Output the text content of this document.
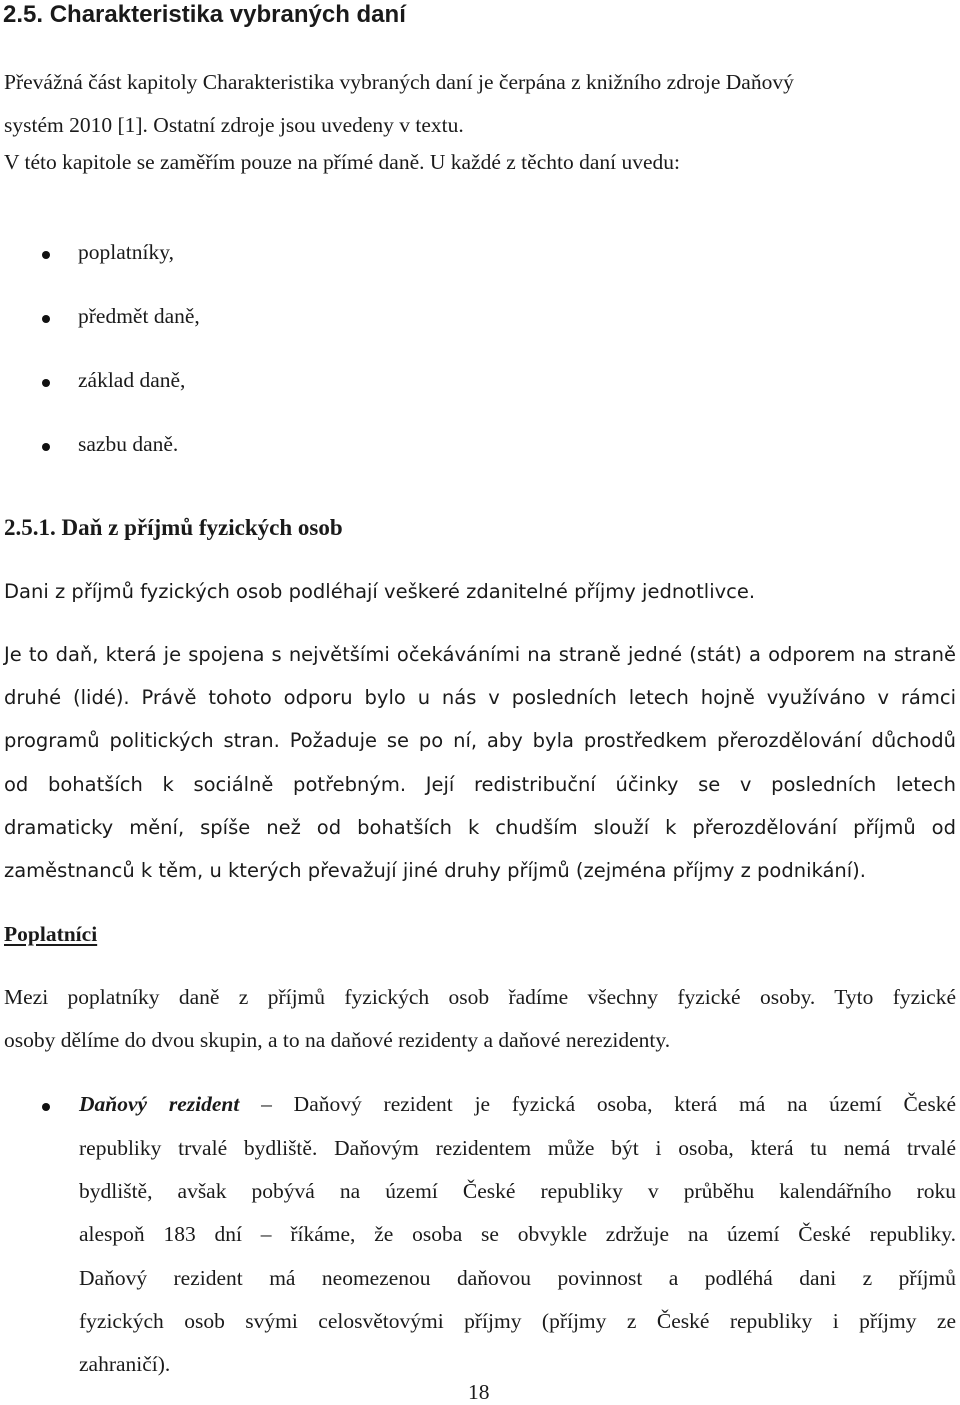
2.5. Charakteristika vybraných daní
Převážná část kapitoly Charakteristika vybraných daní je čerpána z knižního zdroje Daňový
systém 2010 [1]. Ostatní zdroje jsou uvedeny v textu.
V této kapitole se zaměřím pouze na přímé daně. U každé z těchto daní uvedu:
poplatníky,
předmět daně,
základ daně,
sazbu daně.
2.5.1. Daň z příjmů fyzických osob
Dani z příjmů fyzických osob podléhají veškeré zdanitelné příjmy jednotlivce.
Je to daň, která je spojena s největšími očekáváními na straně jedné (stát) a odporem na straně
druhé (lidé). Právě tohoto odporu bylo u nás v posledních letech hojně využíváno v rámci
programů politických stran. Požaduje se po ní, aby byla prostředkem přerozdělování důchodů
od bohatších k sociálně potřebným. Její redistribuční účinky se v posledních letech
dramaticky mění, spíše než od bohatších k chudším slouží k přerozdělování příjmů od
zaměstnanců k těm, u kterých převažují jiné druhy příjmů (zejména příjmy z podnikání).
Poplatníci
Mezi poplatníky daně z příjmů fyzických osob řadíme všechny fyzické osoby. Tyto fyzické
osoby dělíme do dvou skupin, a to na daňové rezidenty a daňové nerezidenty.
Daňový rezident – Daňový rezident je fyzická osoba, která má na území České
republiky trvalé bydliště. Daňovým rezidentem může být i osoba, která tu nemá trvalé
bydliště, avšak pobývá na území České republiky v průběhu kalendářního roku
alespoň 183 dní – říkáme, že osoba se obvykle zdržuje na území České republiky.
Daňový rezident má neomezenou daňovou povinnost a podléhá dani z příjmů
fyzických osob svými celosvětovými příjmy (příjmy z České republiky i příjmy ze
zahraničí).
18
